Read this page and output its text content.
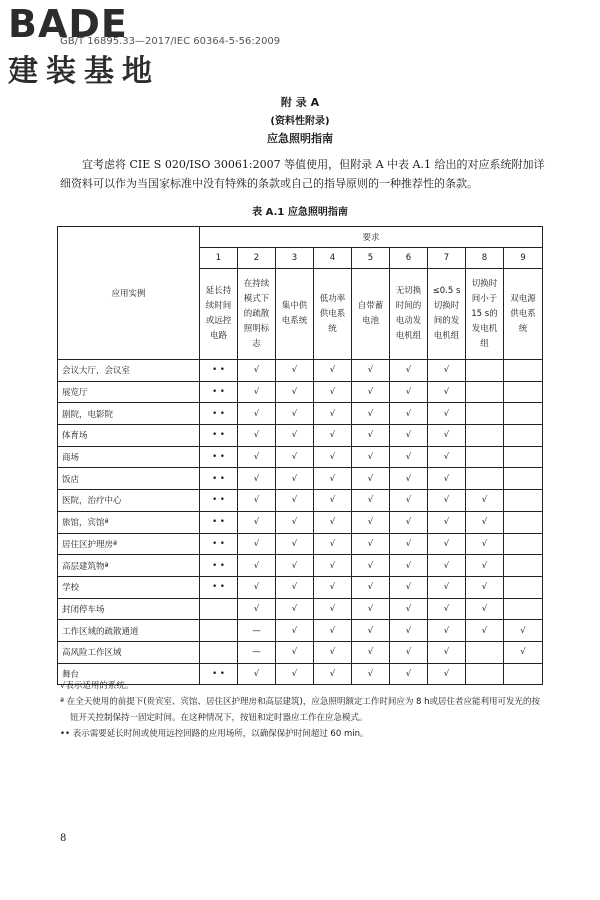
BADE
建装基地
GB/T 16895.33—2017/IEC 60364-5-56:2009
附 录 A
(资料性附录)
应急照明指南
宜考虑将 CIE S 020/ISO 30061:2007 等值使用，但附录 A 中表 A.1 给出的对应系统附加详细资料可以作为当国家标准中没有特殊的条款或自己的指导原则的一种推荐性的条款。
表 A.1 应急照明指南
应用实例	要求								
	1	2	3	4	5	6	7	8	9
	延长持续时间或远控电路	在持续模式下的疏散照明标志	集中供电系统	低功率供电系统	自带蓄电池	无切换时间的电动发电机组	≤0.5 s切换时间的发电机组	切换时间小于15 s的发电机组	双电源供电系统
会议大厅，会议室	• •	√	√	√	√	√	√		
展览厅	• •	√	√	√	√	√	√		
剧院，电影院	• •	√	√	√	√	√	√		
体育场	• •	√	√	√	√	√	√		
商场	• •	√	√	√	√	√	√		
饭店	• •	√	√	√	√	√	√		
医院，治疗中心	• •	√	√	√	√	√	√	√	
旅馆，宾馆ª	• •	√	√	√	√	√	√	√	
居住区护理房ª	• •	√	√	√	√	√	√	√	
高层建筑物ª	• •	√	√	√	√	√	√	√	
学校	• •	√	√	√	√	√	√	√	
封闭停车场		√	√	√	√	√	√	√	
工作区域的疏散通道		—	√	√	√	√	√	√	√
高风险工作区域		—	√	√	√	√	√		√
舞台	• •	√	√	√	√	√	√		

√表示适用的系统。

ª 在全天使用的前提下(贵宾室、宾馆、居住区护理房和高层建筑)，应急照明额定工作时间应为 8 h或居住者应能利用可发光的按钮开关控制保持一固定时间。在这种情况下，按钮和定时器应工作在应急模式。

•• 表示需要延长时间或使用远控回路的应用场所，以确保保护时间超过 60 min。

8
